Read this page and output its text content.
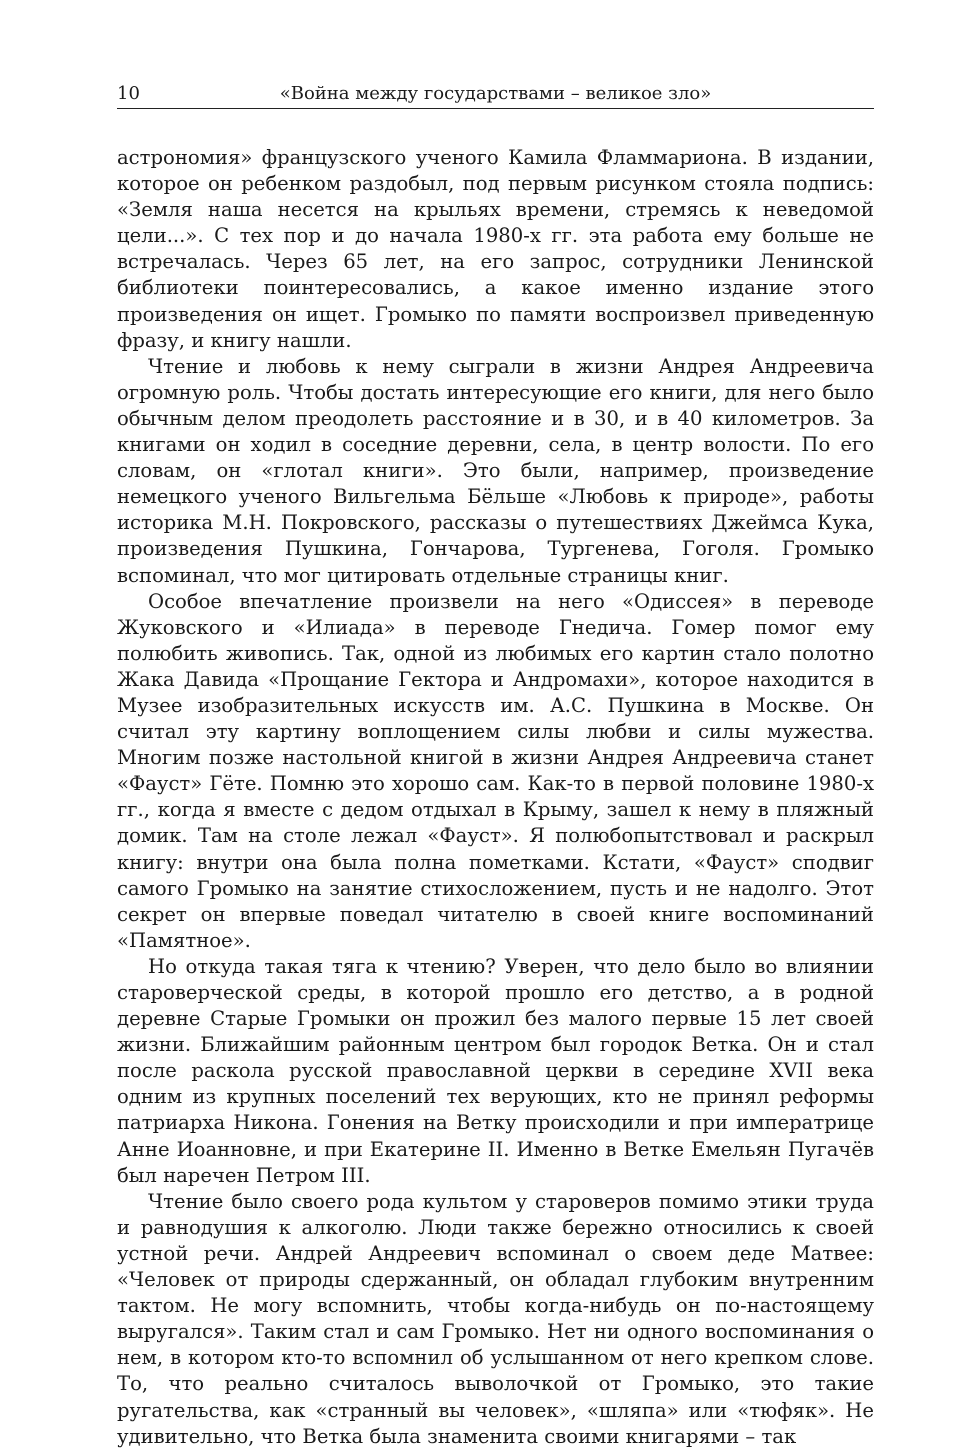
10	«Война между государствами – великое зло»

астрономия» французского ученого Камила Фламмариона. В издании, которое он ребенком раздобыл, под первым рисунком стояла подпись: «Земля наша несется на крыльях времени, стремясь к неведомой цели...». С тех пор и до начала 1980-х гг. эта работа ему больше не встречалась. Через 65 лет, на его запрос, сотрудники Ленинской библиотеки поинтересовались, а какое именно издание этого произведения он ищет. Громыко по памяти воспроизвел приведенную фразу, и книгу нашли.

Чтение и любовь к нему сыграли в жизни Андрея Андреевича огромную роль. Чтобы достать интересующие его книги, для него было обычным делом преодолеть расстояние и в 30, и в 40 километров. За книгами он ходил в соседние деревни, села, в центр волости. По его словам, он «глотал книги». Это были, например, произведение немецкого ученого Вильгельма Бёльше «Любовь к природе», работы историка М.Н. Покровского, рассказы о путешествиях Джеймса Кука, произведения Пушкина, Гончарова, Тургенева, Гоголя. Громыко вспоминал, что мог цитировать отдельные страницы книг.

Особое впечатление произвели на него «Одиссея» в переводе Жуковского и «Илиада» в переводе Гнедича. Гомер помог ему полюбить живопись. Так, одной из любимых его картин стало полотно Жака Давида «Прощание Гектора и Андромахи», которое находится в Музее изобразительных искусств им. А.С. Пушкина в Москве. Он считал эту картину воплощением силы любви и силы мужества. Многим позже настольной книгой в жизни Андрея Андреевича станет «Фауст» Гёте. Помню это хорошо сам. Как-то в первой половине 1980-х гг., когда я вместе с дедом отдыхал в Крыму, зашел к нему в пляжный домик. Там на столе лежал «Фауст». Я полюбопытствовал и раскрыл книгу: внутри она была полна пометками. Кстати, «Фауст» сподвиг самого Громыко на занятие стихосложением, пусть и не надолго. Этот секрет он впервые поведал читателю в своей книге воспоминаний «Памятное».

Но откуда такая тяга к чтению? Уверен, что дело было во влиянии староверческой среды, в которой прошло его детство, а в родной деревне Старые Громыки он прожил без малого первые 15 лет своей жизни. Ближайшим районным центром был городок Ветка. Он и стал после раскола русской православной церкви в середине XVII века одним из крупных поселений тех верующих, кто не принял реформы патриарха Никона. Гонения на Ветку происходили и при императрице Анне Иоанновне, и при Екатерине II. Именно в Ветке Емельян Пугачёв был наречен Петром III.

Чтение было своего рода культом у староверов помимо этики труда и равнодушия к алкоголю. Люди также бережно относились к своей устной речи. Андрей Андреевич вспоминал о своем деде Матвее: «Человек от природы сдержанный, он обладал глубоким внутренним тактом. Не могу вспомнить, чтобы когда-нибудь он по-настоящему выругался». Таким стал и сам Громыко. Нет ни одного воспоминания о нем, в котором кто-то вспомнил об услышанном от него крепком слове. То, что реально считалось выволочкой от Громыко, это такие ругательства, как «странный вы человек», «шляпа» или «тюфяк». Не удивительно, что Ветка была знаменита своими книгарями – так
